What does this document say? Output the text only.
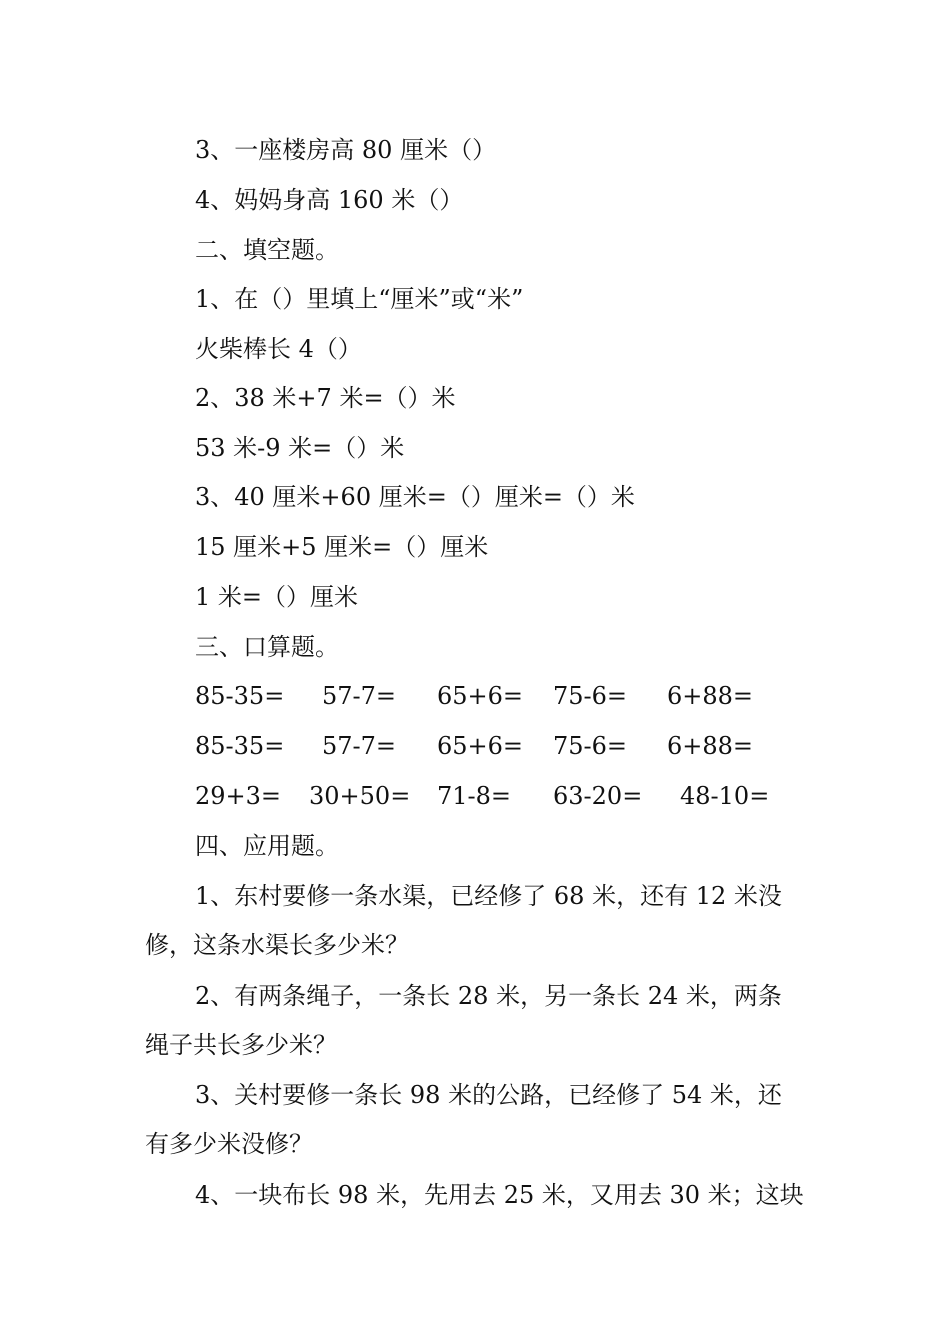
3、一座楼房高 80 厘米（）
4、妈妈身高 160 米（）
二、填空题。
1、在（）里填上“厘米”或“米”
火柴棒长 4（）
2、38 米+7 米=（）米
53 米-9 米=（）米
3、40 厘米+60 厘米=（）厘米=（）米
15 厘米+5 厘米=（）厘米
1 米=（）厘米
三、口算题。
85-35= 57-7= 65+6= 75-6= 6+88=
85-35= 57-7= 65+6= 75-6= 6+88=
29+3= 30+50= 71-8= 63-20= 48-10=
四、应用题。
1、东村要修一条水渠，已经修了 68 米，还有 12 米没
修，这条水渠长多少米？
2、有两条绳子，一条长 28 米，另一条长 24 米，两条
绳子共长多少米？
3、关村要修一条长 98 米的公路，已经修了 54 米，还
有多少米没修？
4、一块布长 98 米，先用去 25 米，又用去 30 米；这块
